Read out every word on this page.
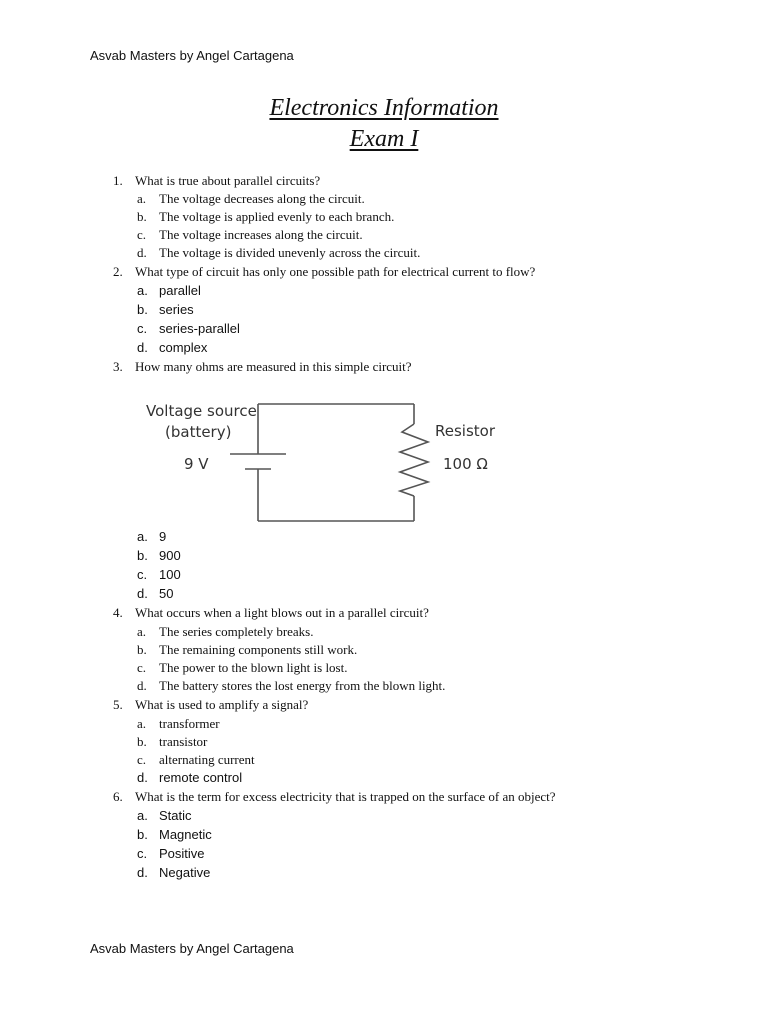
Asvab Masters by Angel Cartagena
Electronics Information
Exam I
1. What is true about parallel circuits?
a. The voltage decreases along the circuit.
b. The voltage is applied evenly to each branch.
c. The voltage increases along the circuit.
d. The voltage is divided unevenly across the circuit.
2. What type of circuit has only one possible path for electrical current to flow?
a. parallel
b. series
c. series-parallel
d. complex
3. How many ohms are measured in this simple circuit?
Voltage source
(battery)
9 V
Resistor
100 Ω
a. 9
b. 900
c. 100
d. 50
4. What occurs when a light blows out in a parallel circuit?
a. The series completely breaks.
b. The remaining components still work.
c. The power to the blown light is lost.
d. The battery stores the lost energy from the blown light.
5. What is used to amplify a signal?
a. transformer
b. transistor
c. alternating current
d. remote control
6. What is the term for excess electricity that is trapped on the surface of an object?
a. Static
b. Magnetic
c. Positive
d. Negative
Asvab Masters by Angel Cartagena
